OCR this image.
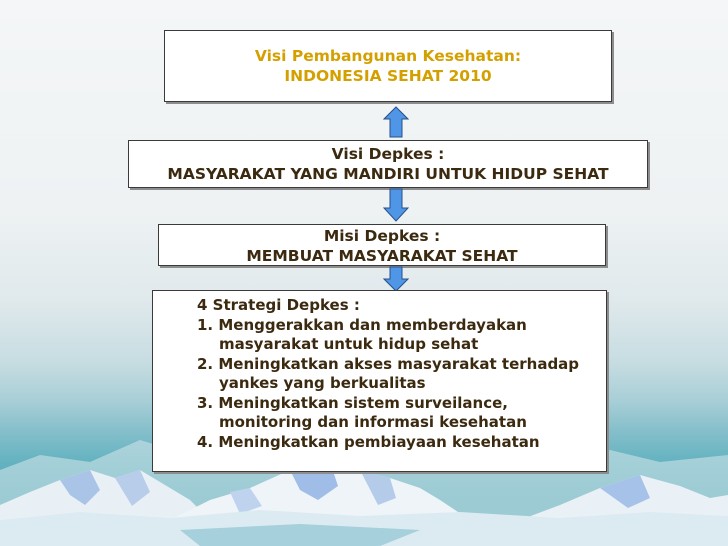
Visi Pembangunan Kesehatan:
INDONESIA SEHAT 2010
Visi Depkes :
MASYARAKAT YANG MANDIRI UNTUK HIDUP SEHAT
Misi Depkes :
MEMBUAT MASYARAKAT SEHAT
4 Strategi Depkes :
1. Menggerakkan dan memberdayakan
masyarakat untuk hidup sehat
2. Meningkatkan akses masyarakat terhadap
yankes yang berkualitas
3. Meningkatkan sistem surveilance,
monitoring dan informasi kesehatan
4. Meningkatkan pembiayaan kesehatan
